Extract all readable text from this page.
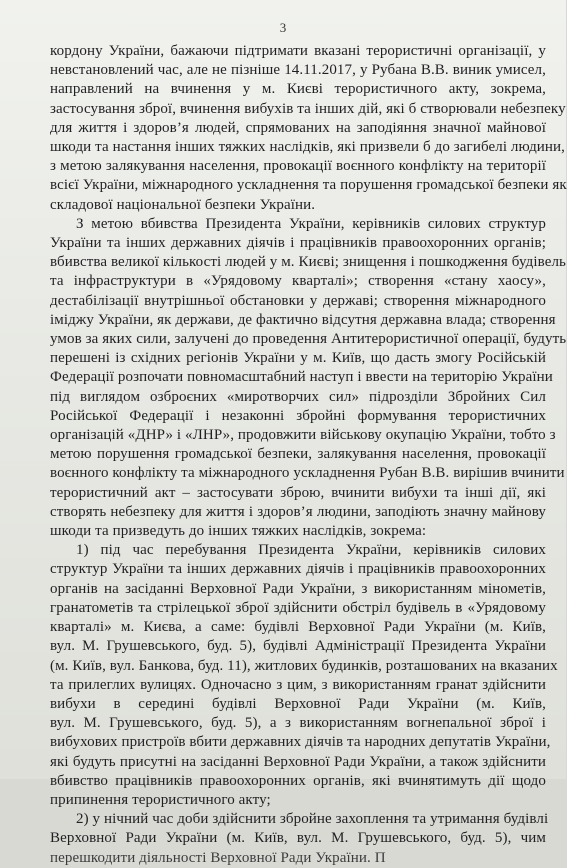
3
кордону України, бажаючи підтримати вказані терористичні організації, у
невстановлений час, але не пізніше 14.11.2017, у Рубана В.В. виник умисел,
направлений на вчинення у м. Києві терористичного акту, зокрема,
застосування зброї, вчинення вибухів та інших дій, які б створювали небезпеку
для життя і здоров’я людей, спрямованих на заподіяння значної майнової
шкоди та настання інших тяжких наслідків, які призвели б до загибелі людини,
з метою залякування населення, провокації воєнного конфлікту на території
всієї України, міжнародного ускладнення та порушення громадської безпеки як
складової національної безпеки України.
З метою вбивства Президента України, керівників силових структур
України та інших державних діячів і працівників правоохоронних органів;
вбивства великої кількості людей у м. Києві; знищення і пошкодження будівель
та інфраструктури в «Урядовому кварталі»; створення «стану хаосу»,
дестабілізації внутрішньої обстановки у державі; створення міжнародного
іміджу України, як держави, де фактично відсутня державна влада; створення
умов за яких сили, залучені до проведення Антитерористичної операції, будуть
перешені із східних регіонів України у м. Київ, що дасть змогу Російській
Федерації розпочати повномасштабний наступ і ввести на територію України
під виглядом озброєних «миротворчих сил» підрозділи Збройних Сил
Російської Федерації і незаконні збройні формування терористичних
організацій «ДНР» і «ЛНР», продовжити військову окупацію України, тобто з
метою порушення громадської безпеки, залякування населення, провокації
воєнного конфлікту та міжнародного ускладнення Рубан В.В. вирішив вчинити
терористичний акт – застосувати зброю, вчинити вибухи та інші дії, які
створять небезпеку для життя і здоров’я людини, заподіють значну майнову
шкоди та призведуть до інших тяжких наслідків, зокрема:
1) під час перебування Президента України, керівників силових
структур України та інших державних діячів і працівників правоохоронних
органів на засіданні Верховної Ради України, з використанням мінометів,
гранатометів та стрілецької зброї здійснити обстріл будівель в «Урядовому
кварталі» м. Києва, а саме: будівлі Верховної Ради України (м. Київ,
вул. М. Грушевського, буд. 5), будівлі Адміністрації Президента України
(м. Київ, вул. Банкова, буд. 11), житлових будинків, розташованих на вказаних
та прилеглих вулицях. Одночасно з цим, з використанням гранат здійснити
вибухи в середині будівлі Верховної Ради України (м. Київ,
вул. М. Грушевського, буд. 5), а з використанням вогнепальної зброї і
вибухових пристроїв вбити державних діячів та народних депутатів України,
які будуть присутні на засіданні Верховної Ради України, а також здійснити
вбивство працівників правоохоронних органів, які вчинятимуть дії щодо
припинення терористичного акту;
2) у нічний час доби здійснити збройне захоплення та утримання будівлі
Верховної Ради України (м. Київ, вул. М. Грушевського, буд. 5), чим
перешкодити діяльності Верховної Ради України. П
